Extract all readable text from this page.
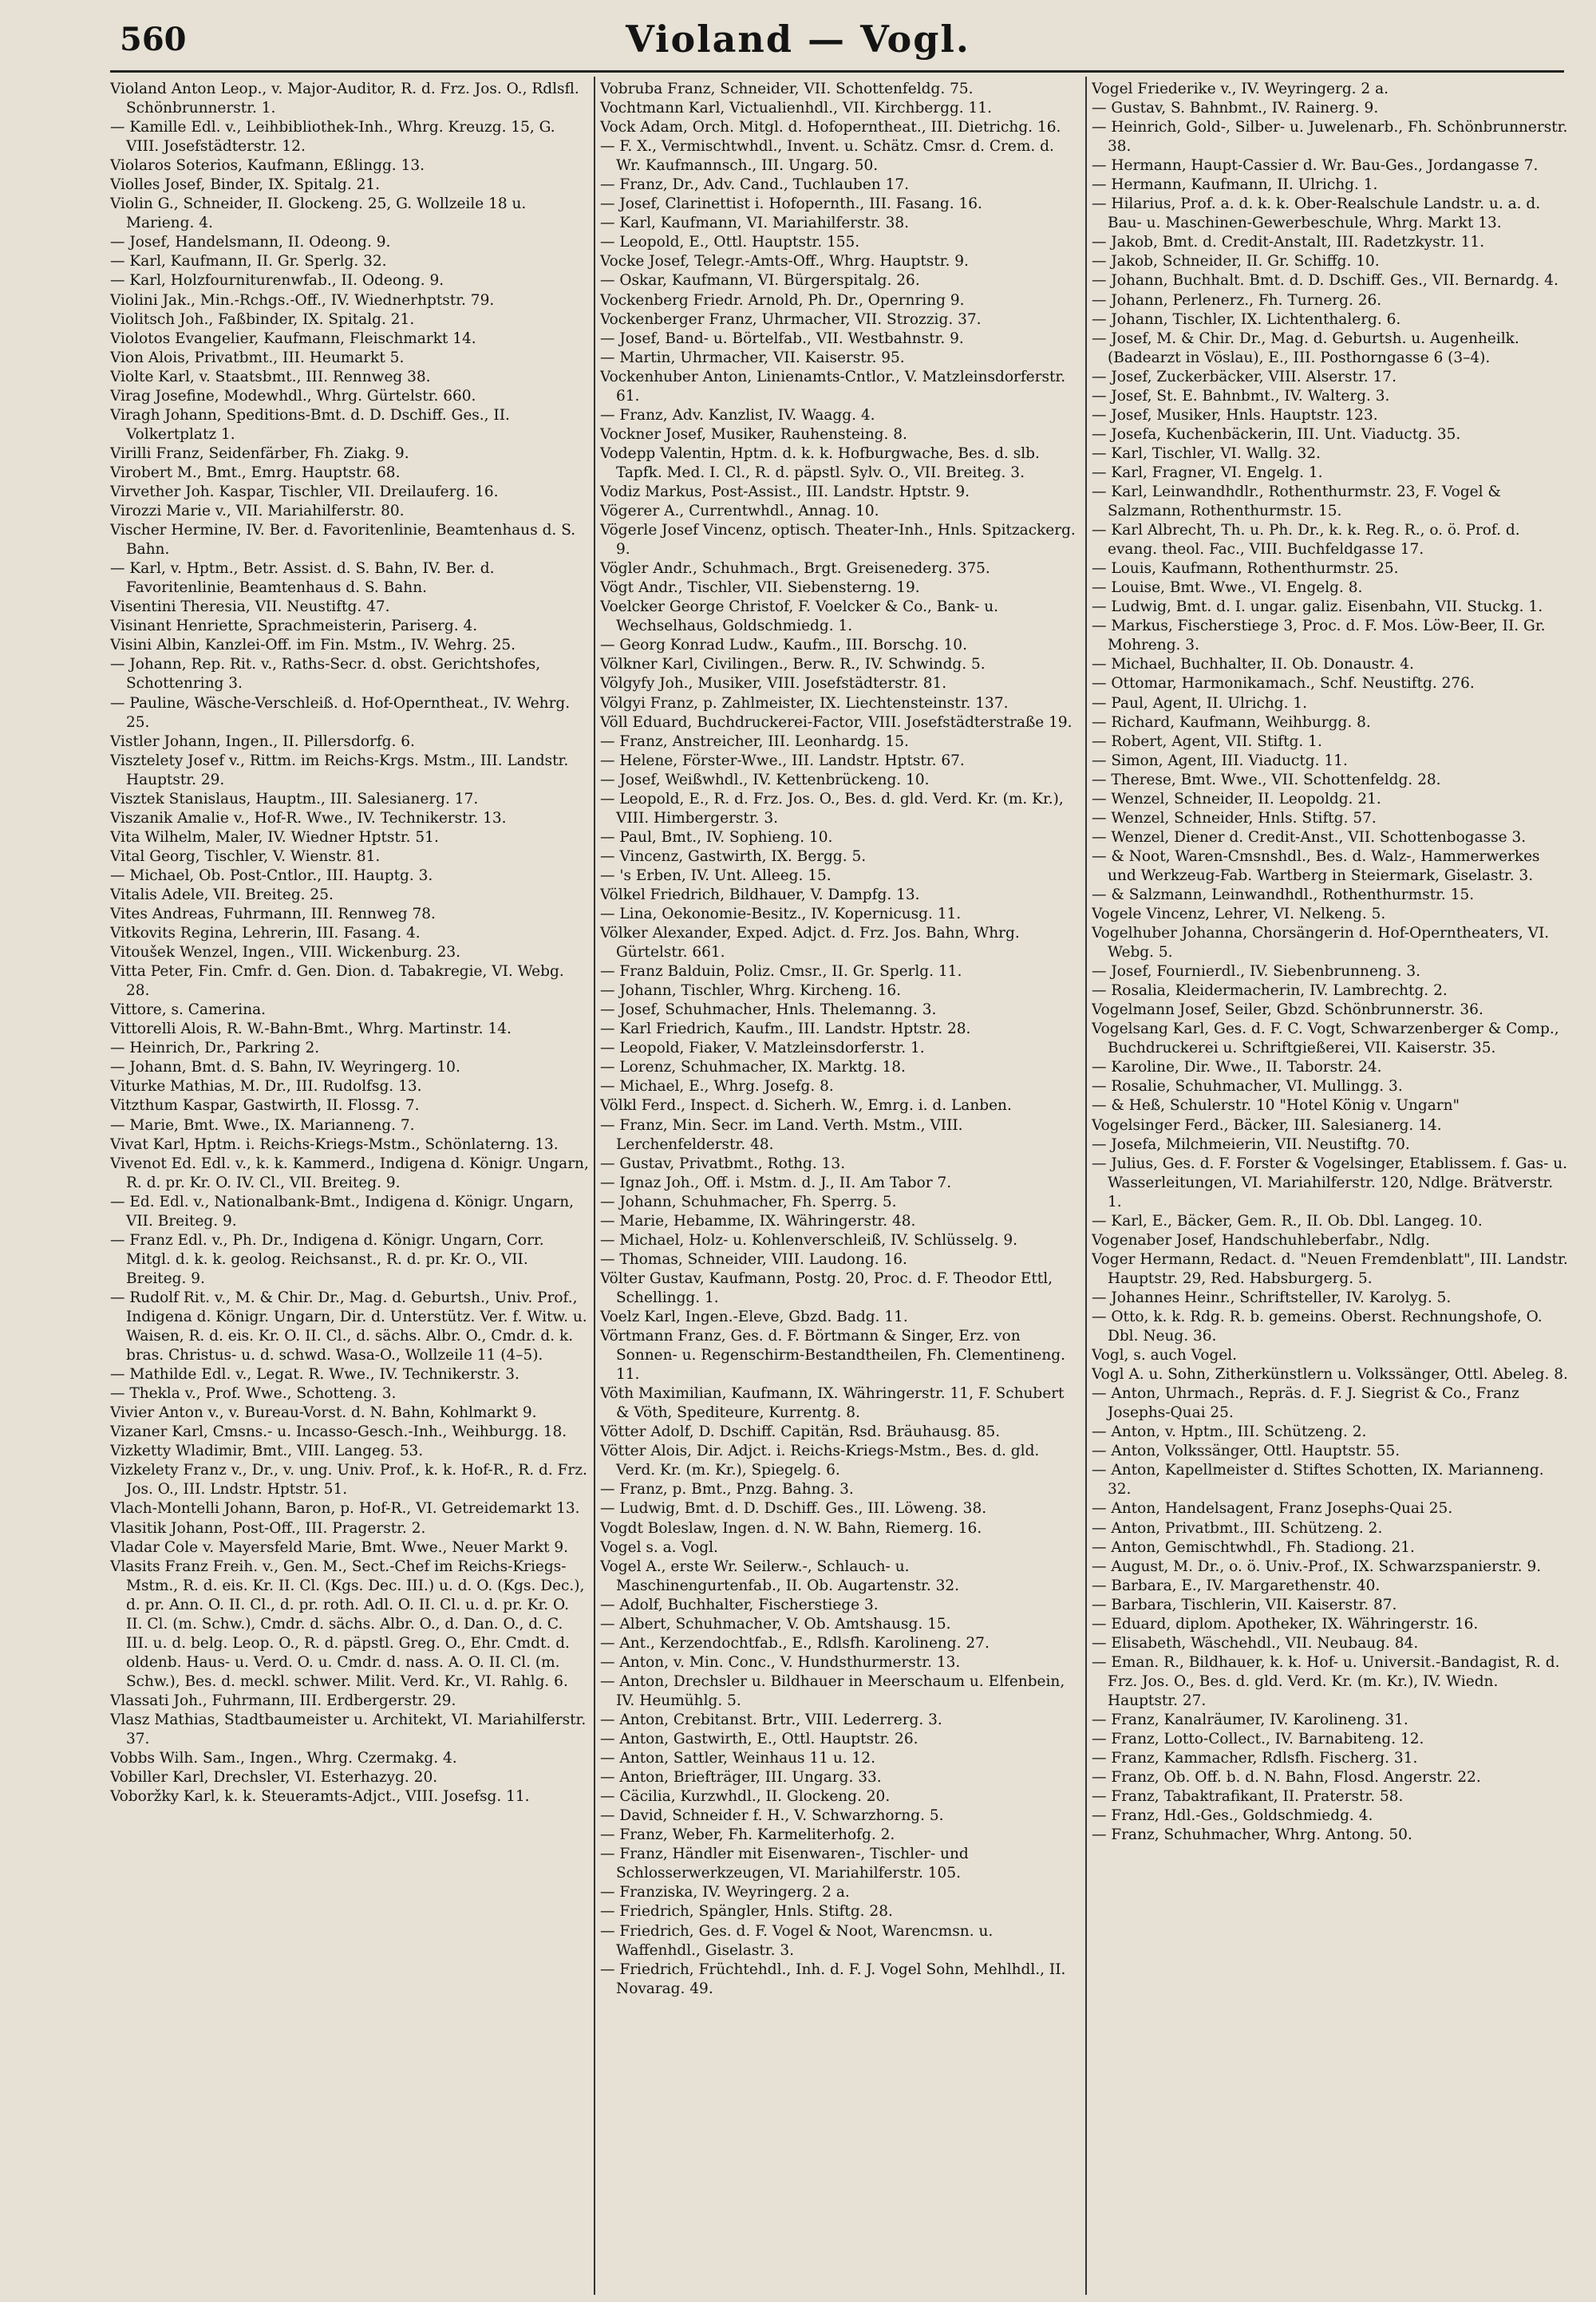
560	Violand — Vogl.
Violand Anton Leop., v. Major-Auditor, R. d. Frz. Jos. O., Rdlsfl. Schönbrunnerstr. 1.
— Kamille Edl. v., Leihbibliothek-Inh., Whrg. Kreuzg. 15, G. VIII. Josefstädterstr. 12.
Violaros Soterios, Kaufmann, Eßlingg. 13.
Violles Josef, Binder, IX. Spitalg. 21.
Violin G., Schneider, II. Glockeng. 25, G. Wollzeile 18 u. Marieng. 4.
— Josef, Handelsmann, II. Odeong. 9.
— Karl, Kaufmann, II. Gr. Sperlg. 32.
— Karl, Holzfourniturenwfab., II. Odeong. 9.
Violini Jak., Min.-Rchgs.-Off., IV. Wiednerhptstr. 79.
Violitsch Joh., Faßbinder, IX. Spitalg. 21.
Violotos Evangelier, Kaufmann, Fleischmarkt 14.
Vion Alois, Privatbmt., III. Heumarkt 5.
Violte Karl, v. Staatsbmt., III. Rennweg 38.
Virag Josefine, Modewhdl., Whrg. Gürtelstr. 660.
Viragh Johann, Speditions-Bmt. d. D. Dschiff. Ges., II. Volkertplatz 1.
Virilli Franz, Seidenfärber, Fh. Ziakg. 9.
Virobert M., Bmt., Emrg. Hauptstr. 68.
Virvether Joh. Kaspar, Tischler, VII. Dreilauferg. 16.
Virozzi Marie v., VII. Mariahilferstr. 80.
Vischer Hermine, IV. Ber. d. Favoritenlinie, Beamtenhaus d. S. Bahn.
— Karl, v. Hptm., Betr. Assist. d. S. Bahn, IV. Ber. d. Favoritenlinie, Beamtenhaus d. S. Bahn.
Visentini Theresia, VII. Neustiftg. 47.
Visinant Henriette, Sprachmeisterin, Pariserg. 4.
Visini Albin, Kanzlei-Off. im Fin. Mstm., IV. Wehrg. 25.
— Johann, Rep. Rit. v., Raths-Secr. d. obst. Gerichtshofes, Schottenring 3.
— Pauline, Wäsche-Verschleiß. d. Hof-Operntheat., IV. Wehrg. 25.
Vistler Johann, Ingen., II. Pillersdorfg. 6.
Visztelety Josef v., Rittm. im Reichs-Krgs. Mstm., III. Landstr. Hauptstr. 29.
Visztek Stanislaus, Hauptm., III. Salesianerg. 17.
Viszanik Amalie v., Hof-R. Wwe., IV. Technikerstr. 13.
Vita Wilhelm, Maler, IV. Wiedner Hptstr. 51.
Vital Georg, Tischler, V. Wienstr. 81.
— Michael, Ob. Post-Cntlor., III. Hauptg. 3.
Vitalis Adele, VII. Breiteg. 25.
Vites Andreas, Fuhrmann, III. Rennweg 78.
Vitkovits Regina, Lehrerin, III. Fasang. 4.
Vitoušek Wenzel, Ingen., VIII. Wickenburg. 23.
Vitta Peter, Fin. Cmfr. d. Gen. Dion. d. Tabakregie, VI. Webg. 28.
Vittore, s. Camerina.
Vittorelli Alois, R. W.-Bahn-Bmt., Whrg. Martinstr. 14.
— Heinrich, Dr., Parkring 2.
— Johann, Bmt. d. S. Bahn, IV. Weyringerg. 10.
Viturke Mathias, M. Dr., III. Rudolfsg. 13.
Vitzthum Kaspar, Gastwirth, II. Flossg. 7.
— Marie, Bmt. Wwe., IX. Marianneng. 7.
Vivat Karl, Hptm. i. Reichs-Kriegs-Mstm., Schönlaterng. 13.
Vivenot Ed. Edl. v., k. k. Kammerd., Indigena d. Königr. Ungarn, R. d. pr. Kr. O. IV. Cl., VII. Breiteg. 9.
— Ed. Edl. v., Nationalbank-Bmt., Indigena d. Königr. Ungarn, VII. Breiteg. 9.
— Franz Edl. v., Ph. Dr., Indigena d. Königr. Ungarn, Corr. Mitgl. d. k. k. geolog. Reichsanst., R. d. pr. Kr. O., VII. Breiteg. 9.
— Rudolf Rit. v., M. & Chir. Dr., Mag. d. Geburtsh., Univ. Prof., Indigena d. Königr. Ungarn, Dir. d. Unterstütz. Ver. f. Witw. u. Waisen, R. d. eis. Kr. O. II. Cl., d. sächs. Albr. O., Cmdr. d. k. bras. Christus- u. d. schwd. Wasa-O., Wollzeile 11 (4–5).
— Mathilde Edl. v., Legat. R. Wwe., IV. Technikerstr. 3.
— Thekla v., Prof. Wwe., Schotteng. 3.
Vivier Anton v., v. Bureau-Vorst. d. N. Bahn, Kohlmarkt 9.
Vizaner Karl, Cmsns.- u. Incasso-Gesch.-Inh., Weihburgg. 18.
Vizketty Wladimir, Bmt., VIII. Langeg. 53.
Vizkelety Franz v., Dr., v. ung. Univ. Prof., k. k. Hof-R., R. d. Frz. Jos. O., III. Lndstr. Hptstr. 51.
Vlach-Montelli Johann, Baron, p. Hof-R., VI. Getreidemarkt 13.
Vlasitik Johann, Post-Off., III. Pragerstr. 2.
Vladar Cole v. Mayersfeld Marie, Bmt. Wwe., Neuer Markt 9.
Vlasits Franz Freih. v., Gen. M., Sect.-Chef im Reichs-Kriegs-Mstm., R. d. eis. Kr. II. Cl. (Kgs. Dec. III.) u. d. O. (Kgs. Dec.), d. pr. Ann. O. II. Cl., d. pr. roth. Adl. O. II. Cl. u. d. pr. Kr. O. II. Cl. (m. Schw.), Cmdr. d. sächs. Albr. O., d. Dan. O., d. C. III. u. d. belg. Leop. O., R. d. päpstl. Greg. O., Ehr. Cmdt. d. oldenb. Haus- u. Verd. O. u. Cmdr. d. nass. A. O. II. Cl. (m. Schw.), Bes. d. meckl. schwer. Milit. Verd. Kr., VI. Rahlg. 6.
Vlassati Joh., Fuhrmann, III. Erdbergerstr. 29.
Vlasz Mathias, Stadtbaumeister u. Architekt, VI. Mariahilferstr. 37.
Vobbs Wilh. Sam., Ingen., Whrg. Czermakg. 4.
Vobiller Karl, Drechsler, VI. Esterhazyg. 20.
Voboržky Karl, k. k. Steueramts-Adjct., VIII. Josefsg. 11.
Vobruba Franz, Schneider, VII. Schottenfeldg. 75.
Vochtmann Karl, Victualienhdl., VII. Kirchbergg. 11.
Vock Adam, Orch. Mitgl. d. Hofoperntheat., III. Dietrichg. 16.
— F. X., Vermischtwhdl., Invent. u. Schätz. Cmsr. d. Crem. d. Wr. Kaufmannsch., III. Ungarg. 50.
— Franz, Dr., Adv. Cand., Tuchlauben 17.
— Josef, Clarinettist i. Hofopernth., III. Fasang. 16.
— Karl, Kaufmann, VI. Mariahilferstr. 38.
— Leopold, E., Ottl. Hauptstr. 155.
Vocke Josef, Telegr.-Amts-Off., Whrg. Hauptstr. 9.
— Oskar, Kaufmann, VI. Bürgerspitalg. 26.
Vockenberg Friedr. Arnold, Ph. Dr., Opernring 9.
Vockenberger Franz, Uhrmacher, VII. Strozzig. 37.
— Josef, Band- u. Börtelfab., VII. Westbahnstr. 9.
— Martin, Uhrmacher, VII. Kaiserstr. 95.
Vockenhuber Anton, Linienamts-Cntlor., V. Matzleinsdorferstr. 61.
— Franz, Adv. Kanzlist, IV. Waagg. 4.
Vockner Josef, Musiker, Rauhensteing. 8.
Vodepp Valentin, Hptm. d. k. k. Hofburgwache, Bes. d. slb. Tapfk. Med. I. Cl., R. d. päpstl. Sylv. O., VII. Breiteg. 3.
Vodiz Markus, Post-Assist., III. Landstr. Hptstr. 9.
Vögerer A., Currentwhdl., Annag. 10.
Vögerle Josef Vincenz, optisch. Theater-Inh., Hnls. Spitzackerg. 9.
Vögler Andr., Schuhmach., Brgt. Greisenederg. 375.
Vögt Andr., Tischler, VII. Siebensterng. 19.
Voelcker George Christof, F. Voelcker & Co., Bank- u. Wechselhaus, Goldschmiedg. 1.
— Georg Konrad Ludw., Kaufm., III. Borschg. 10.
Völkner Karl, Civilingen., Berw. R., IV. Schwindg. 5.
Völgyfy Joh., Musiker, VIII. Josefstädterstr. 81.
Völgyi Franz, p. Zahlmeister, IX. Liechtensteinstr. 137.
Völl Eduard, Buchdruckerei-Factor, VIII. Josefstädterstraße 19.
— Franz, Anstreicher, III. Leonhardg. 15.
— Helene, Förster-Wwe., III. Landstr. Hptstr. 67.
— Josef, Weißwhdl., IV. Kettenbrückeng. 10.
— Leopold, E., R. d. Frz. Jos. O., Bes. d. gld. Verd. Kr. (m. Kr.), VIII. Himbergerstr. 3.
— Paul, Bmt., IV. Sophieng. 10.
— Vincenz, Gastwirth, IX. Bergg. 5.
— 's Erben, IV. Unt. Alleeg. 15.
Völkel Friedrich, Bildhauer, V. Dampfg. 13.
— Lina, Oekonomie-Besitz., IV. Kopernicusg. 11.
Völker Alexander, Exped. Adjct. d. Frz. Jos. Bahn, Whrg. Gürtelstr. 661.
— Franz Balduin, Poliz. Cmsr., II. Gr. Sperlg. 11.
— Johann, Tischler, Whrg. Kircheng. 16.
— Josef, Schuhmacher, Hnls. Thelemanng. 3.
— Karl Friedrich, Kaufm., III. Landstr. Hptstr. 28.
— Leopold, Fiaker, V. Matzleinsdorferstr. 1.
— Lorenz, Schuhmacher, IX. Marktg. 18.
— Michael, E., Whrg. Josefg. 8.
Völkl Ferd., Inspect. d. Sicherh. W., Emrg. i. d. Lanben.
— Franz, Min. Secr. im Land. Verth. Mstm., VIII. Lerchenfelderstr. 48.
— Gustav, Privatbmt., Rothg. 13.
— Ignaz Joh., Off. i. Mstm. d. J., II. Am Tabor 7.
— Johann, Schuhmacher, Fh. Sperrg. 5.
— Marie, Hebamme, IX. Währingerstr. 48.
— Michael, Holz- u. Kohlenverschleiß, IV. Schlüsselg. 9.
— Thomas, Schneider, VIII. Laudong. 16.
Völter Gustav, Kaufmann, Postg. 20, Proc. d. F. Theodor Ettl, Schellingg. 1.
Voelz Karl, Ingen.-Eleve, Gbzd. Badg. 11.
Vörtmann Franz, Ges. d. F. Börtmann & Singer, Erz. von Sonnen- u. Regenschirm-Bestandtheilen, Fh. Clementineng. 11.
Vöth Maximilian, Kaufmann, IX. Währingerstr. 11, F. Schubert & Vöth, Spediteure, Kurrentg. 8.
Vötter Adolf, D. Dschiff. Capitän, Rsd. Bräuhausg. 85.
Vötter Alois, Dir. Adjct. i. Reichs-Kriegs-Mstm., Bes. d. gld. Verd. Kr. (m. Kr.), Spiegelg. 6.
— Franz, p. Bmt., Pnzg. Bahng. 3.
— Ludwig, Bmt. d. D. Dschiff. Ges., III. Löweng. 38.
Vogdt Boleslaw, Ingen. d. N. W. Bahn, Riemerg. 16.
Vogel s. a. Vogl.
Vogel A., erste Wr. Seilerw.-, Schlauch- u. Maschinengurtenfab., II. Ob. Augartenstr. 32.
— Adolf, Buchhalter, Fischerstiege 3.
— Albert, Schuhmacher, V. Ob. Amtshausg. 15.
— Ant., Kerzendochtfab., E., Rdlsfh. Karolineng. 27.
— Anton, v. Min. Conc., V. Hundsthurmerstr. 13.
— Anton, Drechsler u. Bildhauer in Meerschaum u. Elfenbein, IV. Heumühlg. 5.
— Anton, Crebitanst. Brtr., VIII. Lederrerg. 3.
— Anton, Gastwirth, E., Ottl. Hauptstr. 26.
— Anton, Sattler, Weinhaus 11 u. 12.
— Anton, Briefträger, III. Ungarg. 33.
— Cäcilia, Kurzwhdl., II. Glockeng. 20.
— David, Schneider f. H., V. Schwarzhorng. 5.
— Franz, Weber, Fh. Karmeliterhofg. 2.
— Franz, Händler mit Eisenwaren-, Tischler- und Schlosserwerkzeugen, VI. Mariahilferstr. 105.
— Franziska, IV. Weyringerg. 2 a.
— Friedrich, Spängler, Hnls. Stiftg. 28.
— Friedrich, Ges. d. F. Vogel & Noot, Warencmsn. u. Waffenhdl., Giselastr. 3.
— Friedrich, Früchtehdl., Inh. d. F. J. Vogel Sohn, Mehlhdl., II. Novarag. 49.
Vogel Friederike v., IV. Weyringerg. 2 a.
— Gustav, S. Bahnbmt., IV. Rainerg. 9.
— Heinrich, Gold-, Silber- u. Juwelenarb., Fh. Schönbrunnerstr. 38.
— Hermann, Haupt-Cassier d. Wr. Bau-Ges., Jordangasse 7.
— Hermann, Kaufmann, II. Ulrichg. 1.
— Hilarius, Prof. a. d. k. k. Ober-Realschule Landstr. u. a. d. Bau- u. Maschinen-Gewerbeschule, Whrg. Markt 13.
— Jakob, Bmt. d. Credit-Anstalt, III. Radetzkystr. 11.
— Jakob, Schneider, II. Gr. Schiffg. 10.
— Johann, Buchhalt. Bmt. d. D. Dschiff. Ges., VII. Bernardg. 4.
— Johann, Perlenerz., Fh. Turnerg. 26.
— Johann, Tischler, IX. Lichtenthalerg. 6.
— Josef, M. & Chir. Dr., Mag. d. Geburtsh. u. Augenheilk. (Badearzt in Vöslau), E., III. Posthorngasse 6 (3–4).
— Josef, Zuckerbäcker, VIII. Alserstr. 17.
— Josef, St. E. Bahnbmt., IV. Walterg. 3.
— Josef, Musiker, Hnls. Hauptstr. 123.
— Josefa, Kuchenbäckerin, III. Unt. Viaductg. 35.
— Karl, Tischler, VI. Wallg. 32.
— Karl, Fragner, VI. Engelg. 1.
— Karl, Leinwandhdlr., Rothenthurmstr. 23, F. Vogel & Salzmann, Rothenthurmstr. 15.
— Karl Albrecht, Th. u. Ph. Dr., k. k. Reg. R., o. ö. Prof. d. evang. theol. Fac., VIII. Buchfeldgasse 17.
— Louis, Kaufmann, Rothenthurmstr. 25.
— Louise, Bmt. Wwe., VI. Engelg. 8.
— Ludwig, Bmt. d. I. ungar. galiz. Eisenbahn, VII. Stuckg. 1.
— Markus, Fischerstiege 3, Proc. d. F. Mos. Löw-Beer, II. Gr. Mohreng. 3.
— Michael, Buchhalter, II. Ob. Donaustr. 4.
— Ottomar, Harmonikamach., Schf. Neustiftg. 276.
— Paul, Agent, II. Ulrichg. 1.
— Richard, Kaufmann, Weihburgg. 8.
— Robert, Agent, VII. Stiftg. 1.
— Simon, Agent, III. Viaductg. 11.
— Therese, Bmt. Wwe., VII. Schottenfeldg. 28.
— Wenzel, Schneider, II. Leopoldg. 21.
— Wenzel, Schneider, Hnls. Stiftg. 57.
— Wenzel, Diener d. Credit-Anst., VII. Schottenbogasse 3.
— & Noot, Waren-Cmsnshdl., Bes. d. Walz-, Hammerwerkes und Werkzeug-Fab. Wartberg in Steiermark, Giselastr. 3.
— & Salzmann, Leinwandhdl., Rothenthurmstr. 15.
Vogele Vincenz, Lehrer, VI. Nelkeng. 5.
Vogelhuber Johanna, Chorsängerin d. Hof-Operntheaters, VI. Webg. 5.
— Josef, Fournierdl., IV. Siebenbrunneng. 3.
— Rosalia, Kleidermacherin, IV. Lambrechtg. 2.
Vogelmann Josef, Seiler, Gbzd. Schönbrunnerstr. 36.
Vogelsang Karl, Ges. d. F. C. Vogt, Schwarzenberger & Comp., Buchdruckerei u. Schriftgießerei, VII. Kaiserstr. 35.
— Karoline, Dir. Wwe., II. Taborstr. 24.
— Rosalie, Schuhmacher, VI. Mullingg. 3.
— & Heß, Schulerstr. 10 "Hotel König v. Ungarn"
Vogelsinger Ferd., Bäcker, III. Salesianerg. 14.
— Josefa, Milchmeierin, VII. Neustiftg. 70.
— Julius, Ges. d. F. Forster & Vogelsinger, Etablissem. f. Gas- u. Wasserleitungen, VI. Mariahilferstr. 120, Ndlge. Brätverstr. 1.
— Karl, E., Bäcker, Gem. R., II. Ob. Dbl. Langeg. 10.
Vogenaber Josef, Handschuhleberfabr., Ndlg.
Voger Hermann, Redact. d. "Neuen Fremdenblatt", III. Landstr. Hauptstr. 29, Red. Habsburgerg. 5.
— Johannes Heinr., Schriftsteller, IV. Karolyg. 5.
— Otto, k. k. Rdg. R. b. gemeins. Oberst. Rechnungshofe, O. Dbl. Neug. 36.
Vogl, s. auch Vogel.
Vogl A. u. Sohn, Zitherkünstlern u. Volkssänger, Ottl. Abeleg. 8.
— Anton, Uhrmach., Repräs. d. F. J. Siegrist & Co., Franz Josephs-Quai 25.
— Anton, v. Hptm., III. Schützeng. 2.
— Anton, Volkssänger, Ottl. Hauptstr. 55.
— Anton, Kapellmeister d. Stiftes Schotten, IX. Marianneng. 32.
— Anton, Handelsagent, Franz Josephs-Quai 25.
— Anton, Privatbmt., III. Schützeng. 2.
— Anton, Gemischtwhdl., Fh. Stadiong. 21.
— August, M. Dr., o. ö. Univ.-Prof., IX. Schwarzspanierstr. 9.
— Barbara, E., IV. Margarethenstr. 40.
— Barbara, Tischlerin, VII. Kaiserstr. 87.
— Eduard, diplom. Apotheker, IX. Währingerstr. 16.
— Elisabeth, Wäschehdl., VII. Neubaug. 84.
— Eman. R., Bildhauer, k. k. Hof- u. Universit.-Bandagist, R. d. Frz. Jos. O., Bes. d. gld. Verd. Kr. (m. Kr.), IV. Wiedn. Hauptstr. 27.
— Franz, Kanalräumer, IV. Karolineng. 31.
— Franz, Lotto-Collect., IV. Barnabiteng. 12.
— Franz, Kammacher, Rdlsfh. Fischerg. 31.
— Franz, Ob. Off. b. d. N. Bahn, Flosd. Angerstr. 22.
— Franz, Tabaktrafikant, II. Praterstr. 58.
— Franz, Hdl.-Ges., Goldschmiedg. 4.
— Franz, Schuhmacher, Whrg. Antong. 50.
